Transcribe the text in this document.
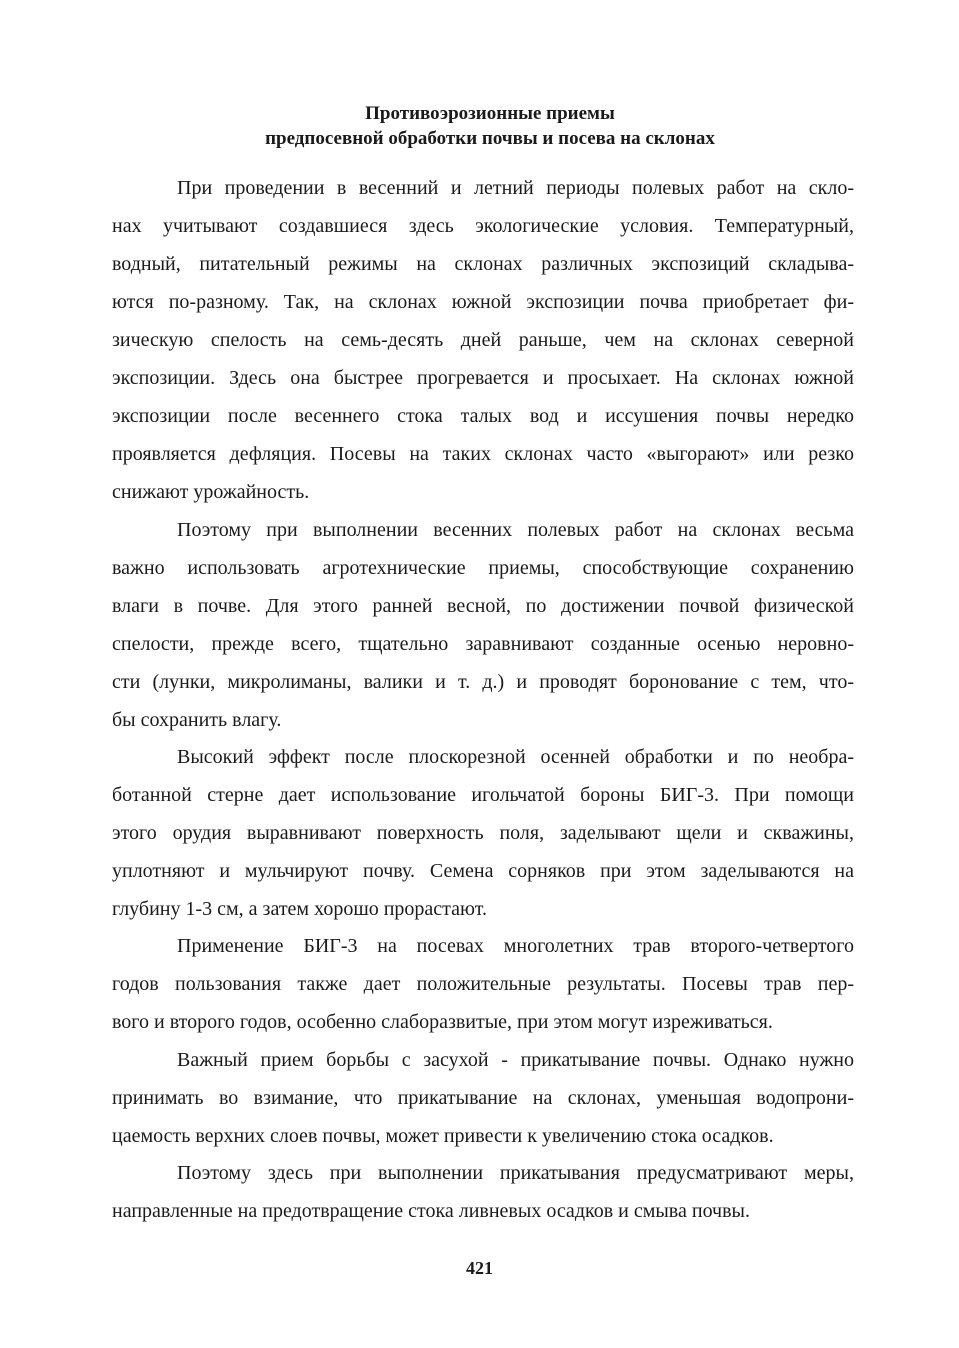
Противоэрозионные приемы
предпосевной обработки почвы и посева на склонах
При проведении в весенний и летний периоды полевых работ на скло-
нах учитывают создавшиеся здесь экологические условия. Температурный,
водный, питательный режимы на склонах различных экспозиций складыва-
ются по-разному. Так, на склонах южной экспозиции почва приобретает фи-
зическую спелость на семь-десять дней раньше, чем на склонах северной
экспозиции. Здесь она быстрее прогревается и просыхает. На склонах южной
экспозиции после весеннего стока талых вод и иссушения почвы нередко
проявляется дефляция. Посевы на таких склонах часто «выгорают» или резко
снижают урожайность.
Поэтому при выполнении весенних полевых работ на склонах весьма
важно использовать агротехнические приемы, способствующие сохранению
влаги в почве. Для этого ранней весной, по достижении почвой физической
спелости, прежде всего, тщательно заравнивают созданные осенью неровно-
сти (лунки, микролиманы, валики и т. д.) и проводят боронование с тем, что-
бы сохранить влагу.
Высокий эффект после плоскорезной осенней обработки и по необра-
ботанной стерне дает использование игольчатой бороны БИГ-3. При помощи
этого орудия выравнивают поверхность поля, заделывают щели и скважины,
уплотняют и мульчируют почву. Семена сорняков при этом заделываются на
глубину 1-3 см, а затем хорошо прорастают.
Применение БИГ-3 на посевах многолетних трав второго-четвертого
годов пользования также дает положительные результаты. Посевы трав пер-
вого и второго годов, особенно слаборазвитые, при этом могут изреживаться.
Важный прием борьбы с засухой - прикатывание почвы. Однако нужно
принимать во взимание, что прикатывание на склонах, уменьшая водопрони-
цаемость верхних слоев почвы, может привести к увеличению стока осадков.
Поэтому здесь при выполнении прикатывания предусматривают меры,
направленные на предотвращение стока ливневых осадков и смыва почвы.
421
